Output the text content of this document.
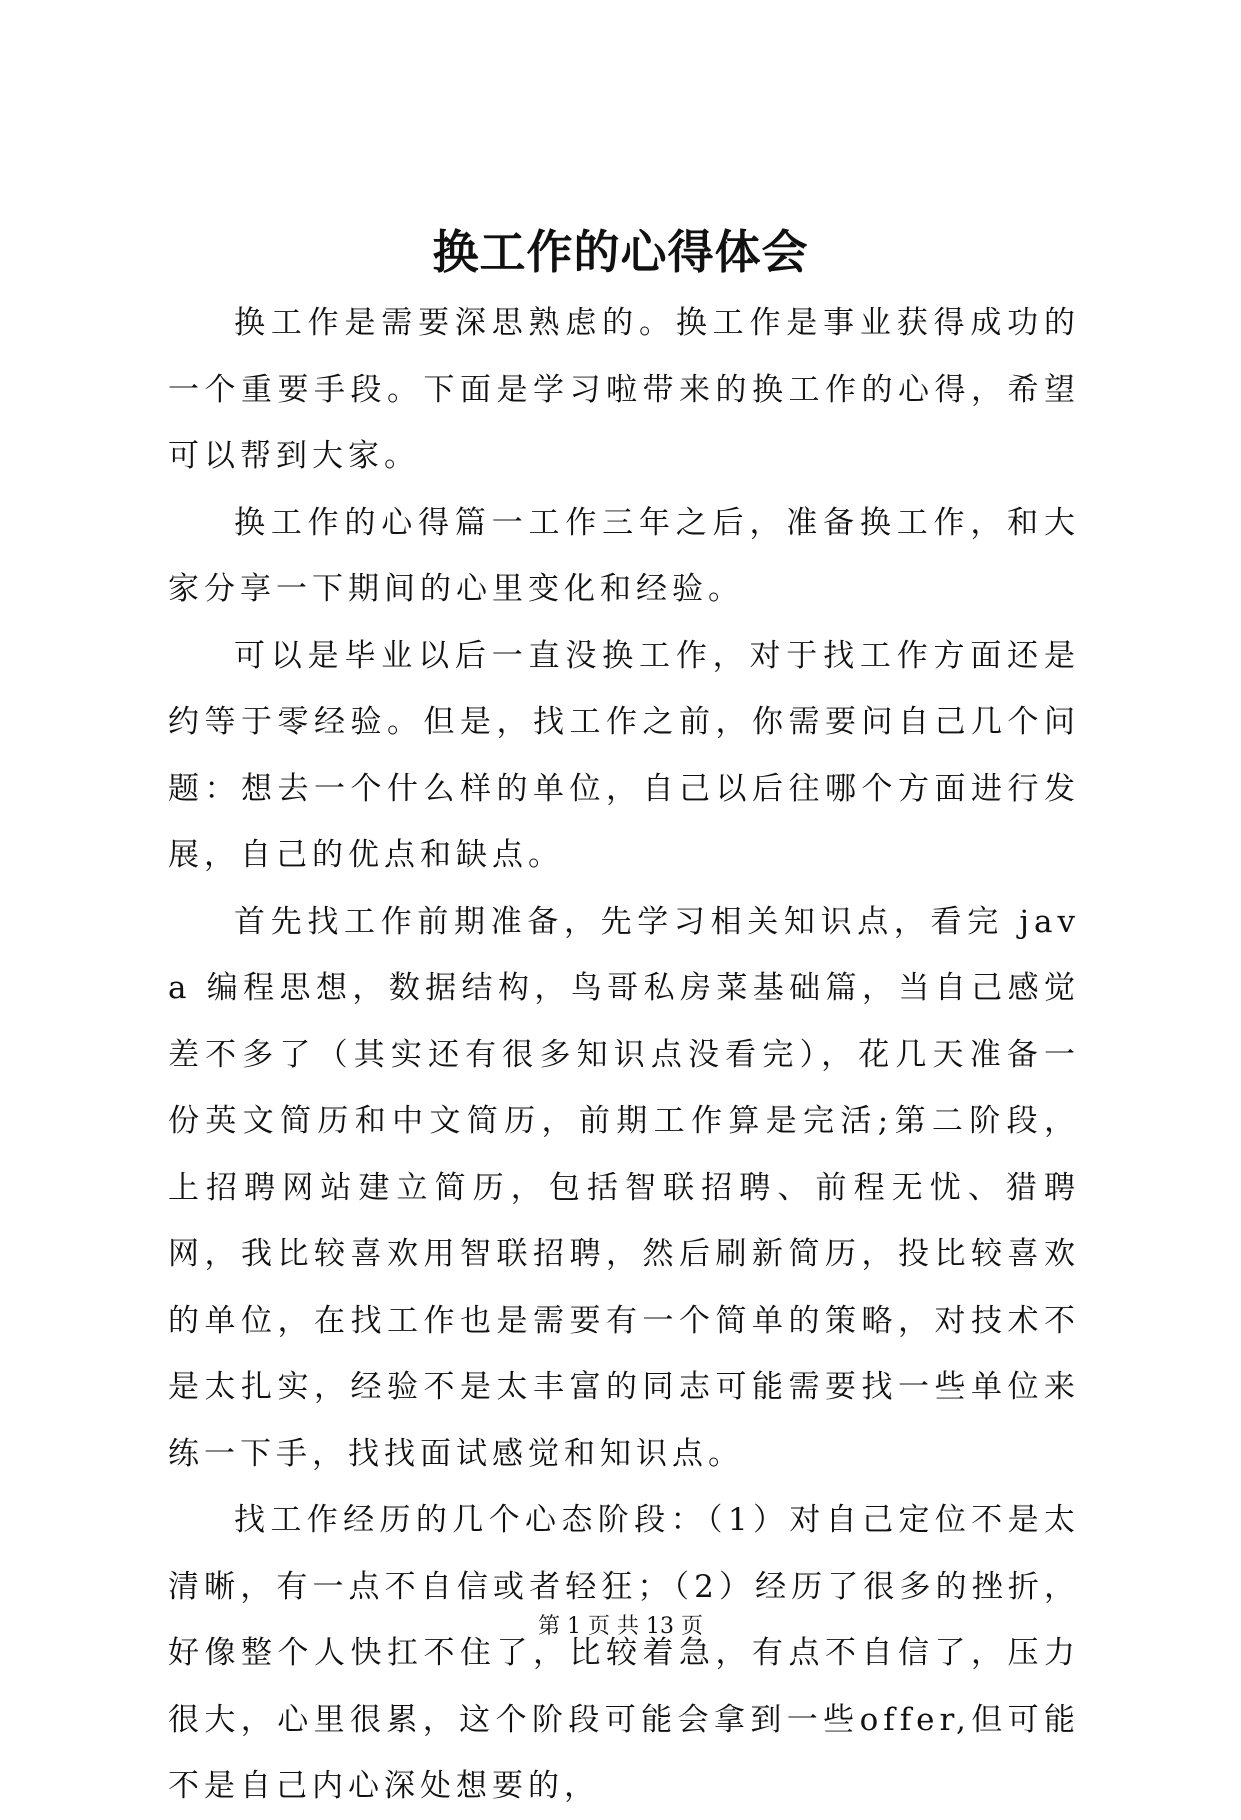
换工作的心得体会

换工作是需要深思熟虑的。换工作是事业获得成功的一个重要手段。下面是学习啦带来的换工作的心得，希望可以帮到大家。

换工作的心得篇一工作三年之后，准备换工作，和大家分享一下期间的心里变化和经验。

可以是毕业以后一直没换工作，对于找工作方面还是约等于零经验。但是，找工作之前，你需要问自己几个问题：想去一个什么样的单位，自己以后往哪个方面进行发展，自己的优点和缺点。

首先找工作前期准备，先学习相关知识点，看完 java 编程思想，数据结构，鸟哥私房菜基础篇，当自己感觉差不多了（其实还有很多知识点没看完），花几天准备一份英文简历和中文简历，前期工作算是完活;第二阶段，上招聘网站建立简历，包括智联招聘、前程无忧、猎聘网，我比较喜欢用智联招聘，然后刷新简历，投比较喜欢的单位，在找工作也是需要有一个简单的策略，对技术不是太扎实，经验不是太丰富的同志可能需要找一些单位来练一下手，找找面试感觉和知识点。

找工作经历的几个心态阶段：（1）对自己定位不是太清晰，有一点不自信或者轻狂；（2）经历了很多的挫折，好像整个人快扛不住了，比较着急，有点不自信了，压力很大，心里很累，这个阶段可能会拿到一些offer,但可能不是自己内心深处想要的，

第 1 页 共 13 页
